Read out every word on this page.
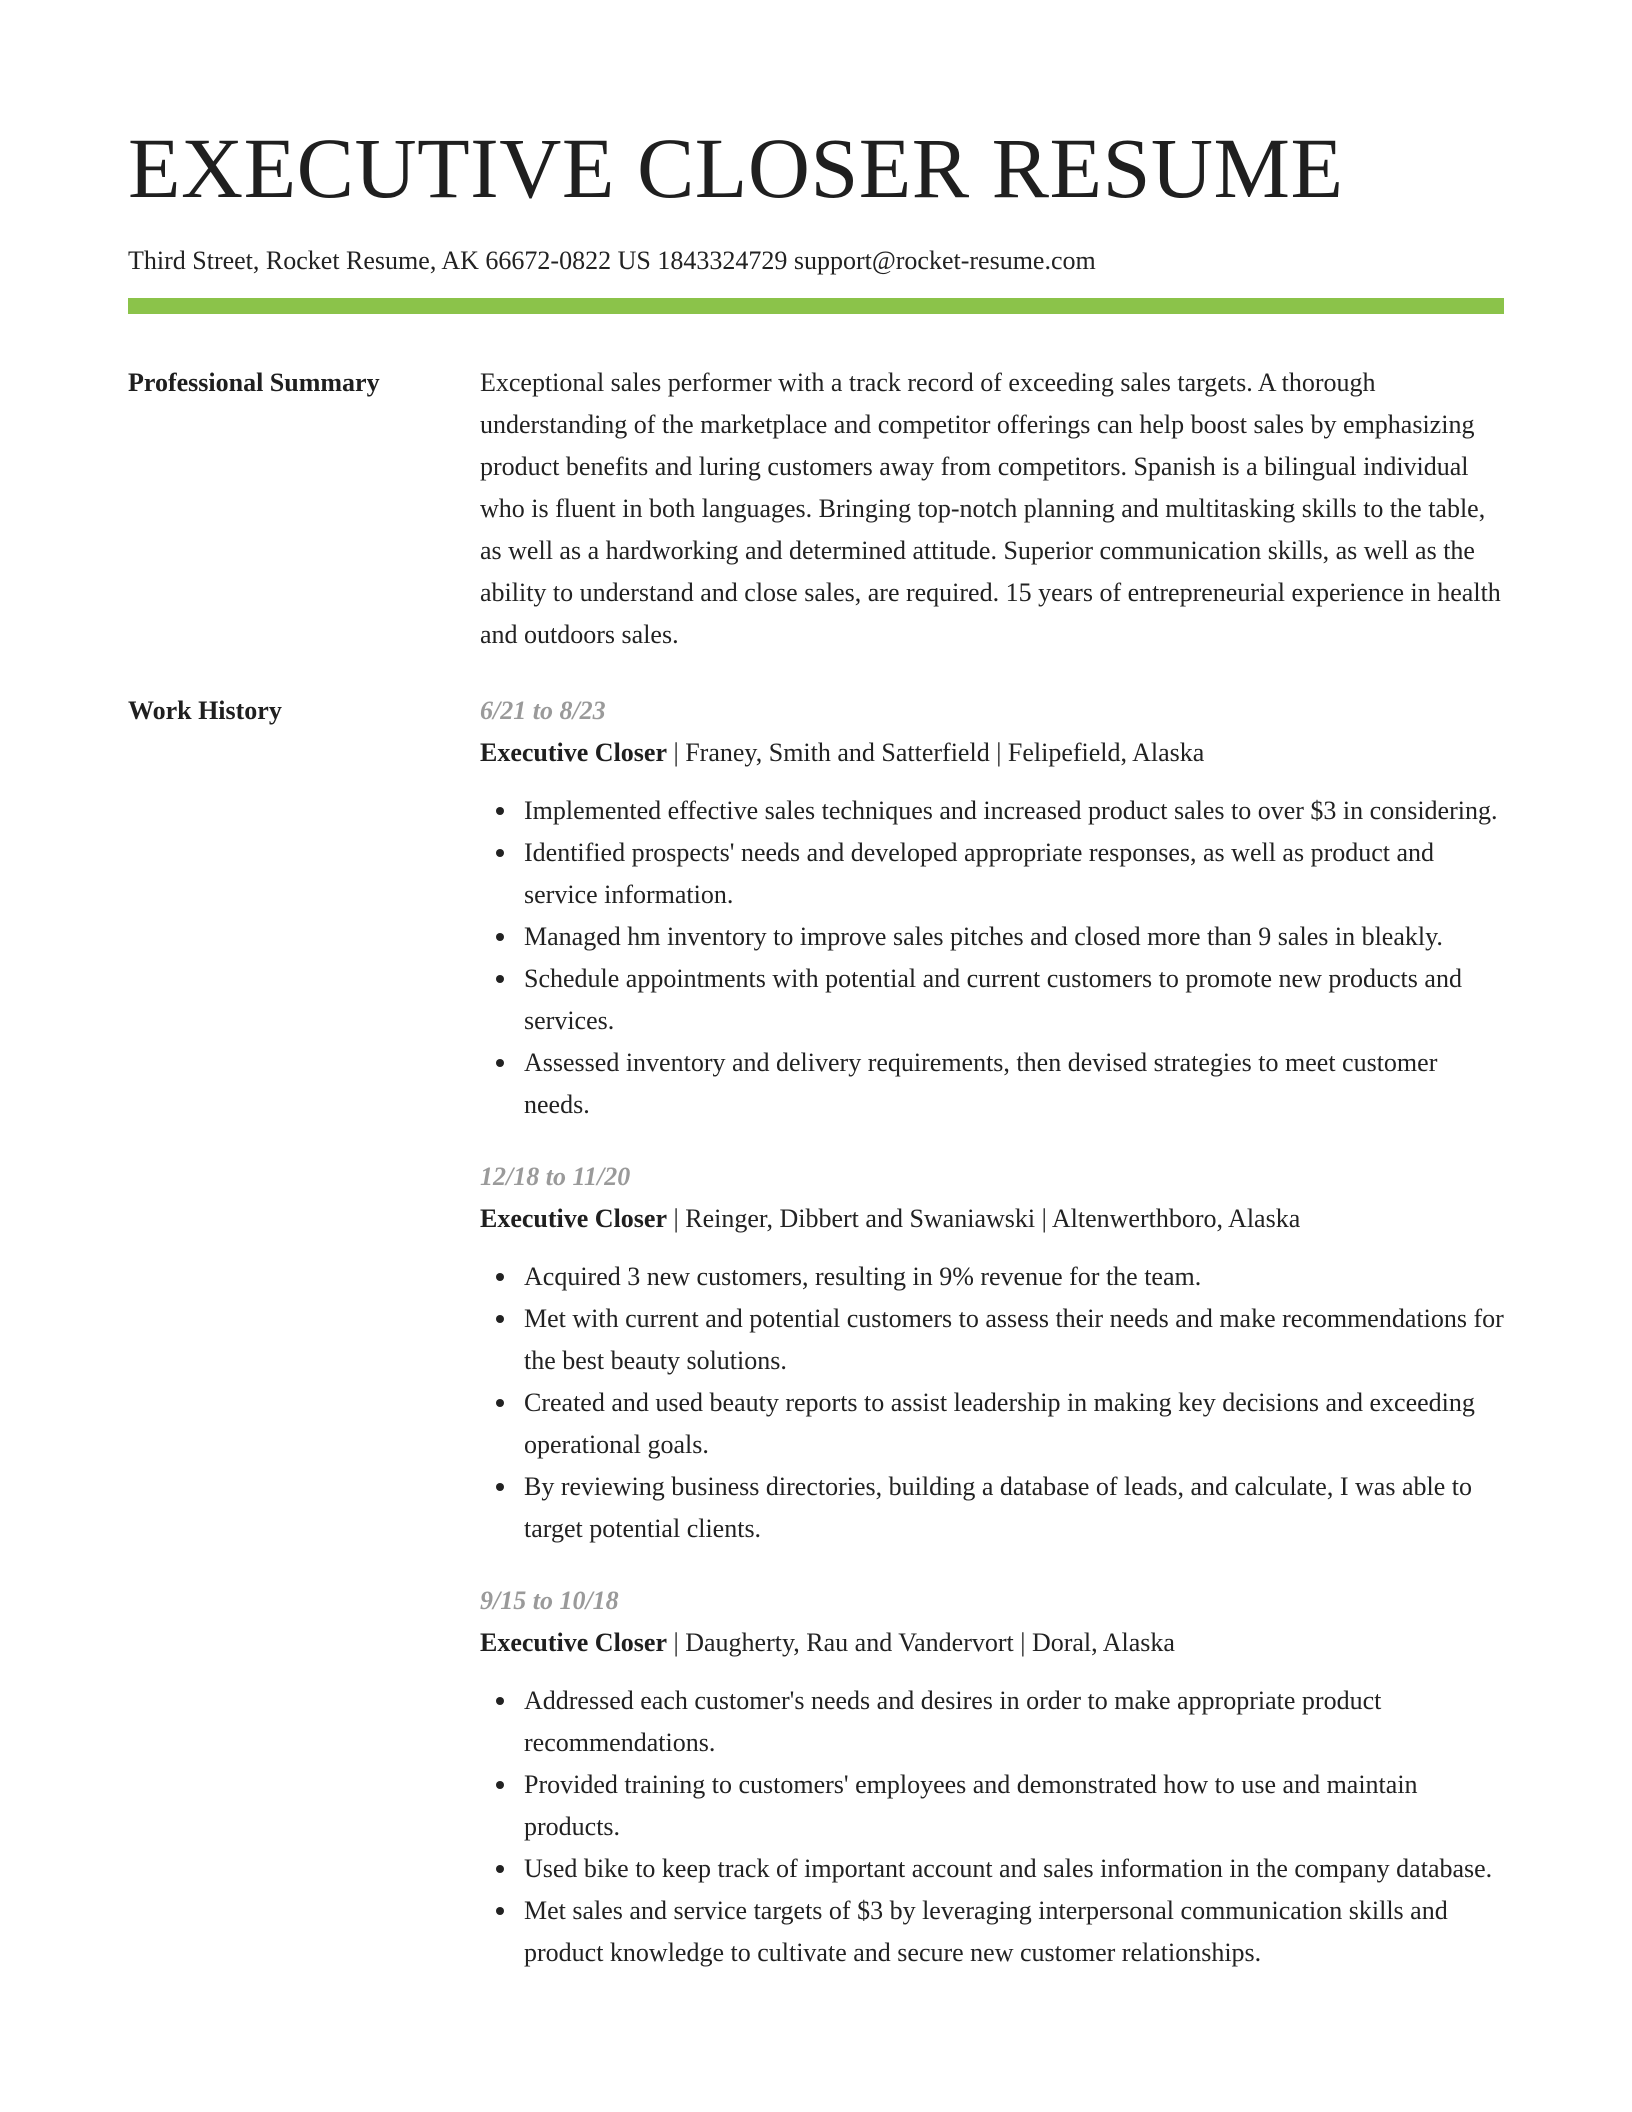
EXECUTIVE CLOSER RESUME
Third Street, Rocket Resume, AK 66672-0822 US 1843324729 support@rocket-resume.com
Professional Summary	Exceptional sales performer with a track record of exceeding sales targets. A thorough understanding of the marketplace and competitor offerings can help boost sales by emphasizing product benefits and luring customers away from competitors. Spanish is a bilingual individual who is fluent in both languages. Bringing top-notch planning and multitasking skills to the table, as well as a hardworking and determined attitude. Superior communication skills, as well as the ability to understand and close sales, are required. 15 years of entrepreneurial experience in health and outdoors sales.

Work History	6/21 to 8/23
Executive Closer | Franey, Smith and Satterfield | Felipefield, Alaska
Implemented effective sales techniques and increased product sales to over $3 in considering.
Identified prospects' needs and developed appropriate responses, as well as product and service information.
Managed hm inventory to improve sales pitches and closed more than 9 sales in bleakly.
Schedule appointments with potential and current customers to promote new products and services.
Assessed inventory and delivery requirements, then devised strategies to meet customer needs.
12/18 to 11/20
Executive Closer | Reinger, Dibbert and Swaniawski | Altenwerthboro, Alaska
Acquired 3 new customers, resulting in 9% revenue for the team.
Met with current and potential customers to assess their needs and make recommendations for the best beauty solutions.
Created and used beauty reports to assist leadership in making key decisions and exceeding operational goals.
By reviewing business directories, building a database of leads, and calculate, I was able to target potential clients.
9/15 to 10/18
Executive Closer | Daugherty, Rau and Vandervort | Doral, Alaska
Addressed each customer's needs and desires in order to make appropriate product recommendations.
Provided training to customers' employees and demonstrated how to use and maintain products.
Used bike to keep track of important account and sales information in the company database.
Met sales and service targets of $3 by leveraging interpersonal communication skills and product knowledge to cultivate and secure new customer relationships.
